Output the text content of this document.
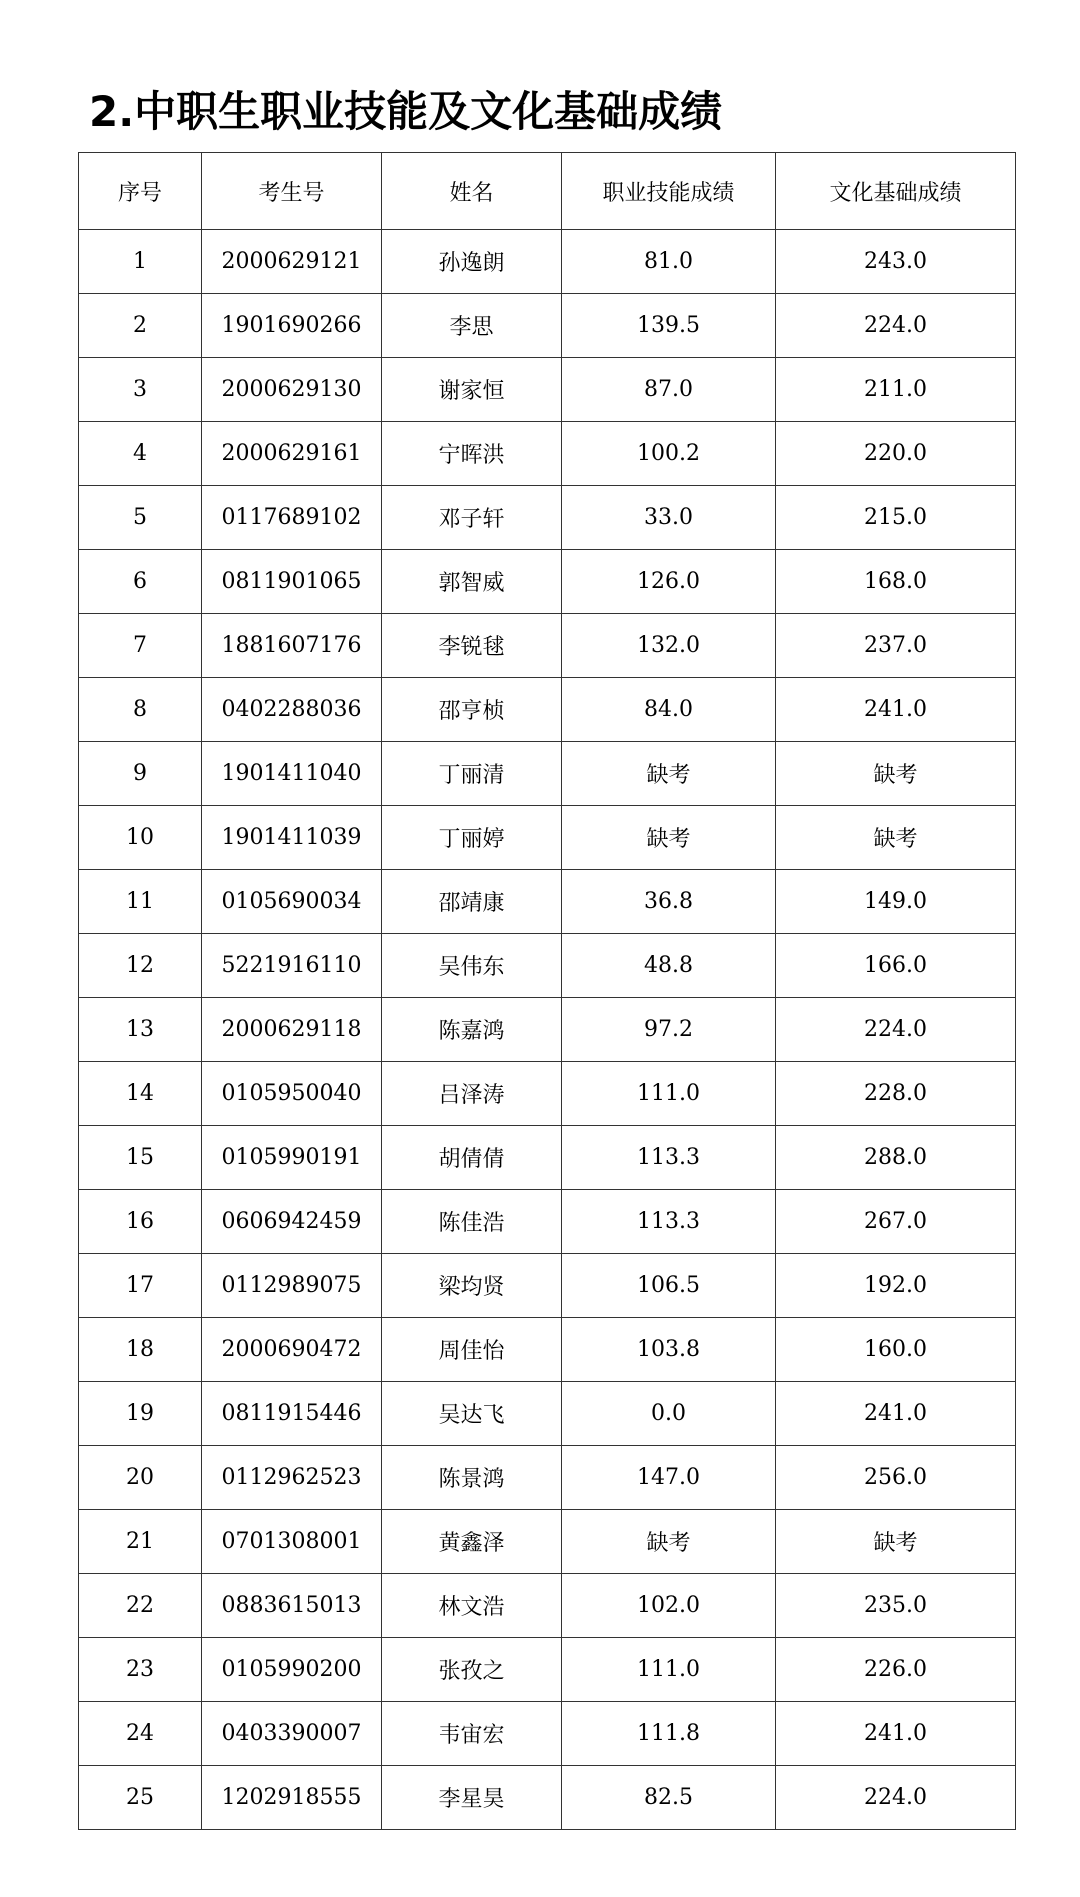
2.中职生职业技能及文化基础成绩
序号	考生号	姓名	职业技能成绩	文化基础成绩
1	2000629121	孙逸朗	81.0	243.0
2	1901690266	李思	139.5	224.0
3	2000629130	谢家恒	87.0	211.0
4	2000629161	宁晖洪	100.2	220.0
5	0117689102	邓子轩	33.0	215.0
6	0811901065	郭智威	126.0	168.0
7	1881607176	李锐毬	132.0	237.0
8	0402288036	邵亨桢	84.0	241.0
9	1901411040	丁丽清	缺考	缺考
10	1901411039	丁丽婷	缺考	缺考
11	0105690034	邵靖康	36.8	149.0
12	5221916110	吴伟东	48.8	166.0
13	2000629118	陈嘉鸿	97.2	224.0
14	0105950040	吕泽涛	111.0	228.0
15	0105990191	胡倩倩	113.3	288.0
16	0606942459	陈佳浩	113.3	267.0
17	0112989075	梁均贤	106.5	192.0
18	2000690472	周佳怡	103.8	160.0
19	0811915446	吴达飞	0.0	241.0
20	0112962523	陈景鸿	147.0	256.0
21	0701308001	黄鑫泽	缺考	缺考
22	0883615013	林文浩	102.0	235.0
23	0105990200	张孜之	111.0	226.0
24	0403390007	韦宙宏	111.8	241.0
25	1202918555	李星昊	82.5	224.0
